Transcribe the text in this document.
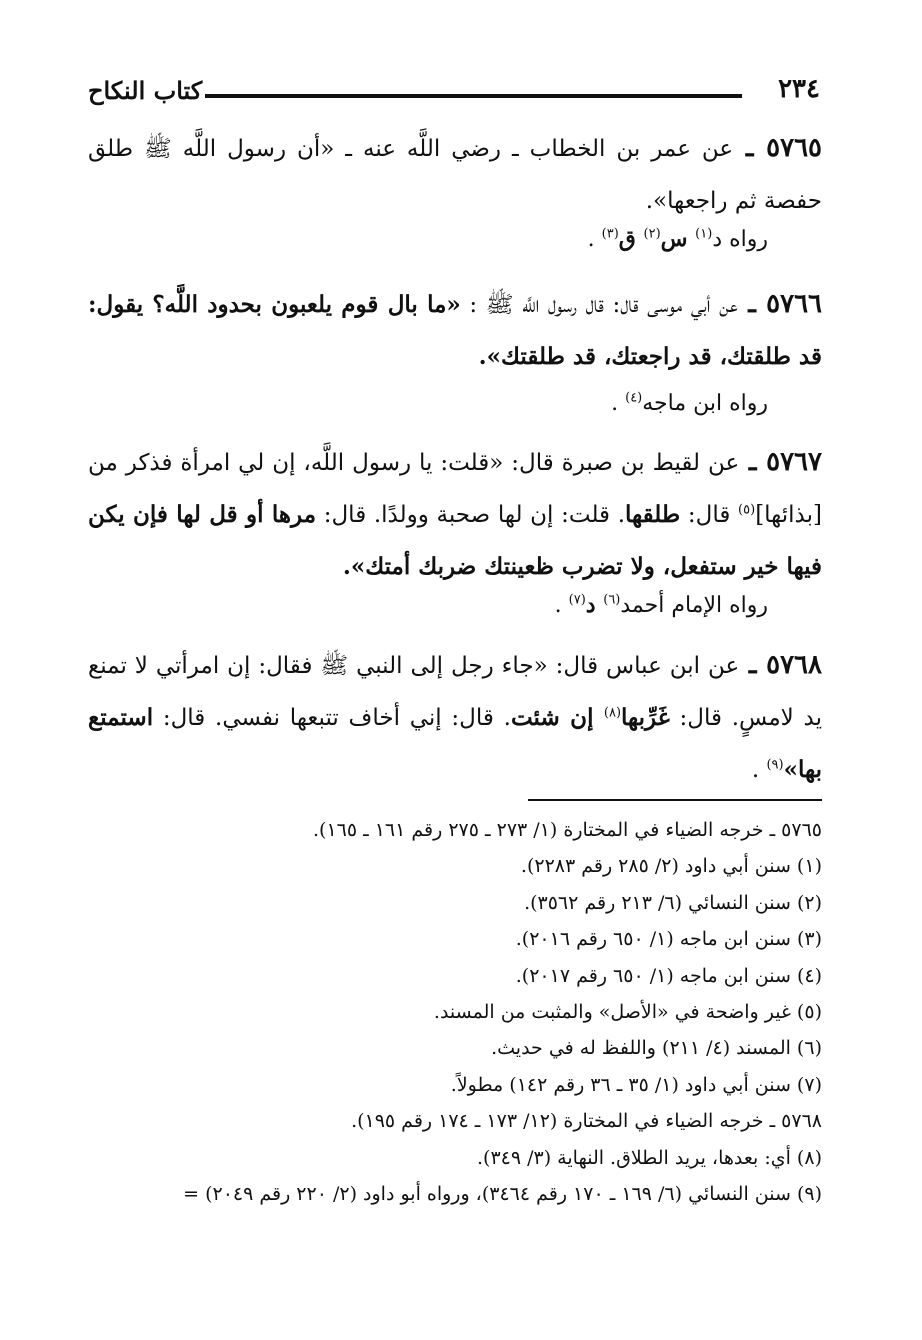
كتاب النكاح	٢٣٤
٥٧٦٥ ـ عن عمر بن الخطاب ـ رضي اللَّه عنه ـ «أن رسول اللَّه ﷺ طلق حفصة ثم راجعها».
رواه د$^{(١)}$ س$^{(٢)}$ ق$^{(٣)}$ .
٥٧٦٦ ـ عن أبي موسى قال: قال رسول اللَّه ﷺ : «ما بال قوم يلعبون بحدود اللَّه؟ يقول: قد طلقتك، قد راجعتك، قد طلقتك».
رواه ابن ماجه$^{(٤)}$ .
٥٧٦٧ ـ عن لقيط بن صبرة قال: «قلت: يا رسول اللَّه، إن لي امرأة فذكر من [بذائها]$^{(٥)}$ قال: طلقها. قلت: إن لها صحبة وولدًا. قال: مرها أو قل لها فإن يكن فيها خير ستفعل، ولا تضرب ظعينتك ضربك أمتك».
رواه الإمام أحمد$^{(٦)}$ د$^{(٧)}$ .
٥٧٦٨ ـ عن ابن عباس قال: «جاء رجل إلى النبي ﷺ فقال: إن امرأتي لا تمنع يد لامسٍ. قال: غَرِّبها$^{(٨)}$ إن شئت. قال: إني أخاف تتبعها نفسي. قال: استمتع بها»$^{(٩)}$ .
٥٧٦٥ ـ خرجه الضياء في المختارة (١/ ٢٧٣ ـ ٢٧٥ رقم ١٦١ ـ ١٦٥).
(١) سنن أبي داود (٢/ ٢٨٥ رقم ٢٢٨٣).
(٢) سنن النسائي (٦/ ٢١٣ رقم ٣٥٦٢).
(٣) سنن ابن ماجه (١/ ٦٥٠ رقم ٢٠١٦).
(٤) سنن ابن ماجه (١/ ٦٥٠ رقم ٢٠١٧).
(٥) غير واضحة في «الأصل» والمثبت من المسند.
(٦) المسند (٤/ ٢١١) واللفظ له في حديث.
(٧) سنن أبي داود (١/ ٣٥ ـ ٣٦ رقم ١٤٢) مطولاً.
٥٧٦٨ ـ خرجه الضياء في المختارة (١٢/ ١٧٣ ـ ١٧٤ رقم ١٩٥).
(٨) أي: بعدها، يريد الطلاق. النهاية (٣/ ٣٤٩).
(٩) سنن النسائي (٦/ ١٦٩ ـ ١٧٠ رقم ٣٤٦٤)، ورواه أبو داود (٢/ ٢٢٠ رقم ٢٠٤٩) =
